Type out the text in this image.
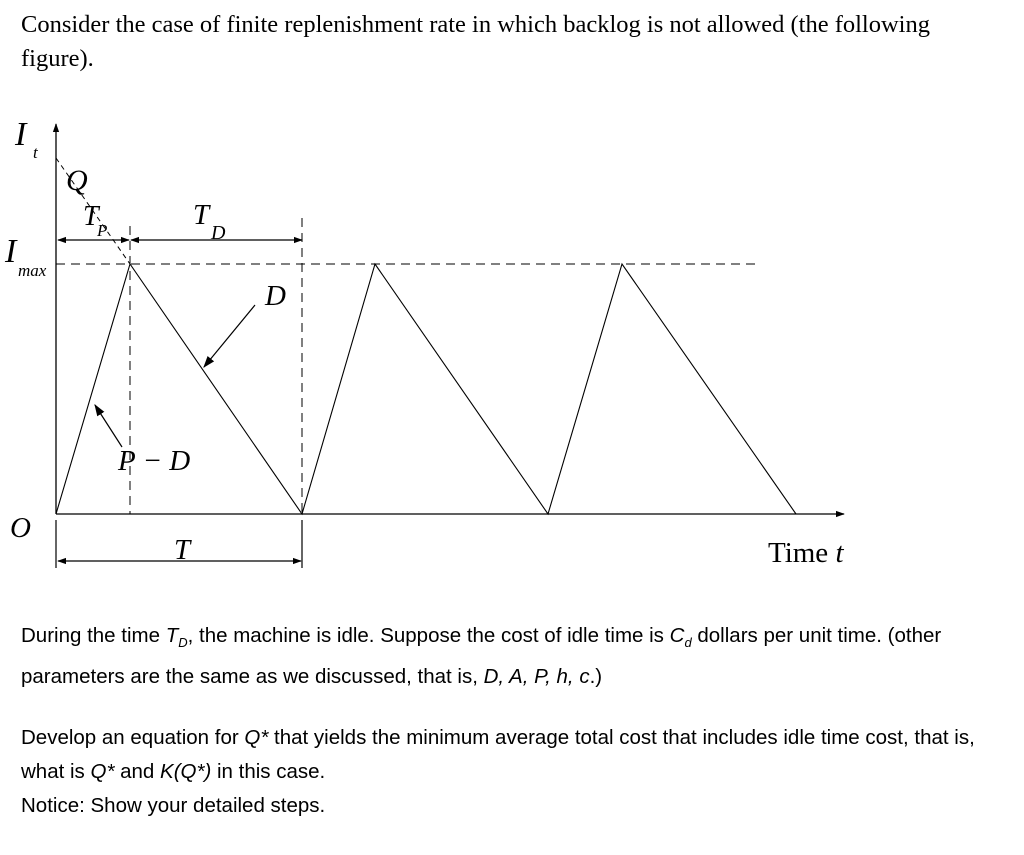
Consider the case of finite replenishment rate in which backlog is not allowed (the following figure).

I t
I
max
O
Q
T
P	T
D
D
P − D
T	Time t

During the time $T_D$, the machine is idle. Suppose the cost of idle time is $C_d$ dollars per unit time. (other parameters are the same as we discussed, that is, D, A, P, h, c.)

Develop an equation for Q* that yields the minimum average total cost that includes idle time cost, that is, what is Q* and K(Q*) in this case.
Notice: Show your detailed steps.
